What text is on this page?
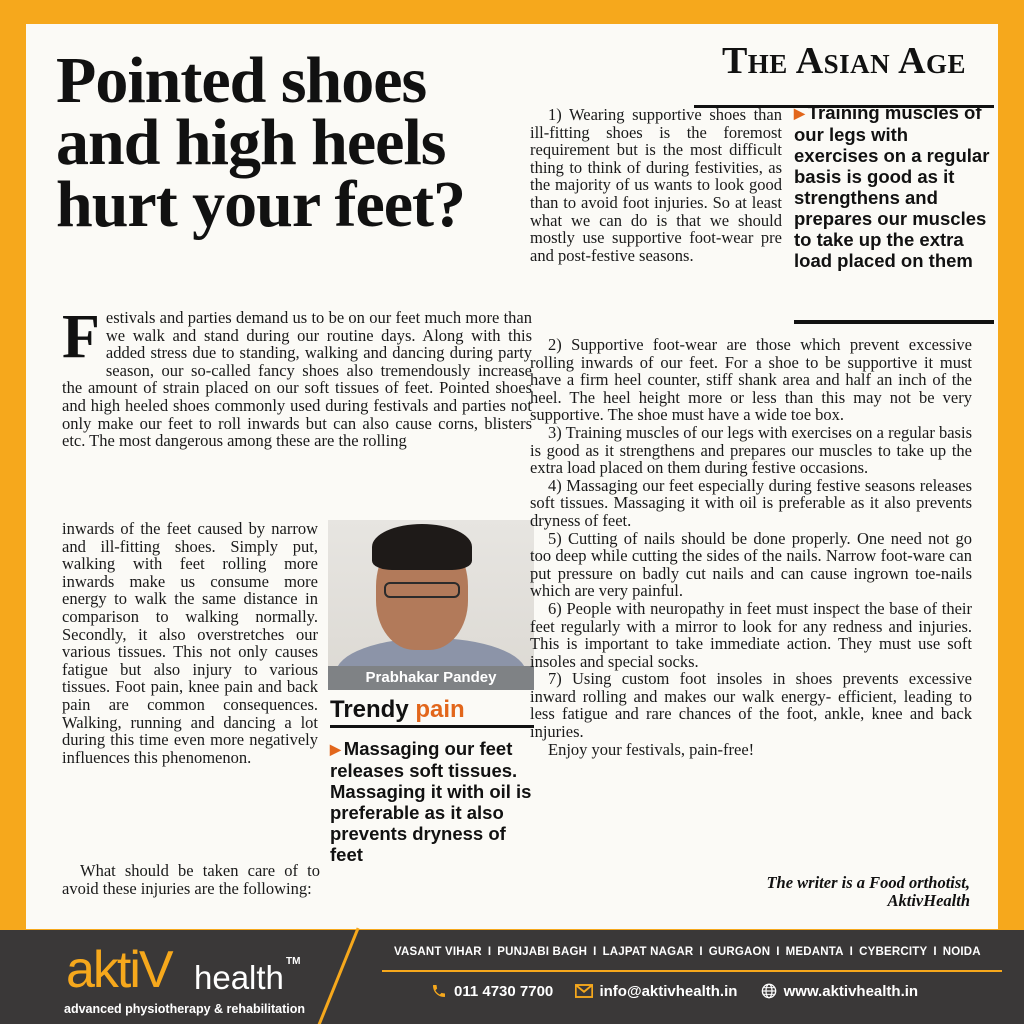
The Asian Age
Pointed shoes
and high heels
hurt your feet?

Festivals and parties demand us to be on our feet much more than we walk and stand during our routine days. Along with this added stress due to standing, walking and dancing during party season, our so-called fancy shoes also tremendously increase the amount of strain placed on our soft tissues of feet. Pointed shoes and high heeled shoes commonly used during festivals and parties not only make our feet to roll inwards but can also cause corns, blisters etc. The most dangerous among these are the rolling

inwards of the feet caused by narrow and ill-fitting shoes. Simply put, walking with feet rolling more inwards make us consume more energy to walk the same distance in comparison to walking normally. Secondly, it also overstretches our various tissues. This not only causes fatigue but also injury to various tissues. Foot pain, knee pain and back pain are common consequences. Walking, running and dancing a lot during this time even more negatively influences this phenomenon.

Prabhakar Pandey
Trendy pain
▶ Massaging our feet releases soft tissues. Massaging it with oil is preferable as it also prevents dryness of feet

What should be taken care of to avoid these injuries are the following:

1) Wearing supportive shoes than ill-fitting shoes is the foremost requirement but is the most difficult thing to think of during festivities, as the majority of us wants to look good than to avoid foot injuries. So at least what we can do is that we should mostly use supportive foot-wear pre and post-festive seasons.

▶ Training muscles of our legs with exercises on a regular basis is good as it strengthens and prepares our muscles to take up the extra load placed on them

2) Supportive foot-wear are those which prevent excessive rolling inwards of our feet. For a shoe to be supportive it must have a firm heel counter, stiff shank area and half an inch of the heel. The heel height more or less than this may not be very supportive. The shoe must have a wide toe box.

3) Training muscles of our legs with exercises on a regular basis is good as it strengthens and prepares our muscles to take up the extra load placed on them during festive occasions.

4) Massaging our feet especially during festive seasons releases soft tissues. Massaging it with oil is preferable as it also prevents dryness of feet.

5) Cutting of nails should be done properly. One need not go too deep while cutting the sides of the nails. Narrow foot-ware can put pressure on badly cut nails and can cause ingrown toe-nails which are very painful.

6) People with neuropathy in feet must inspect the base of their feet regularly with a mirror to look for any redness and injuries. This is important to take immediate action. They must use soft insoles and special socks.

7) Using custom foot insoles in shoes prevents excessive inward rolling and makes our walk energy- efficient, leading to less fatigue and rare chances of the foot, ankle, knee and back injuries.

Enjoy your festivals, pain-free!

The writer is a Food orthotist,
AktivHealth
aktiV health TM
advanced physiotherapy & rehabilitation
VASANT VIHAR I PUNJABI BAGH I LAJPAT NAGAR I GURGAON I MEDANTA I CYBERCITY I NOIDA
011 4730 7700	info@aktivhealth.in	www.aktivhealth.in
